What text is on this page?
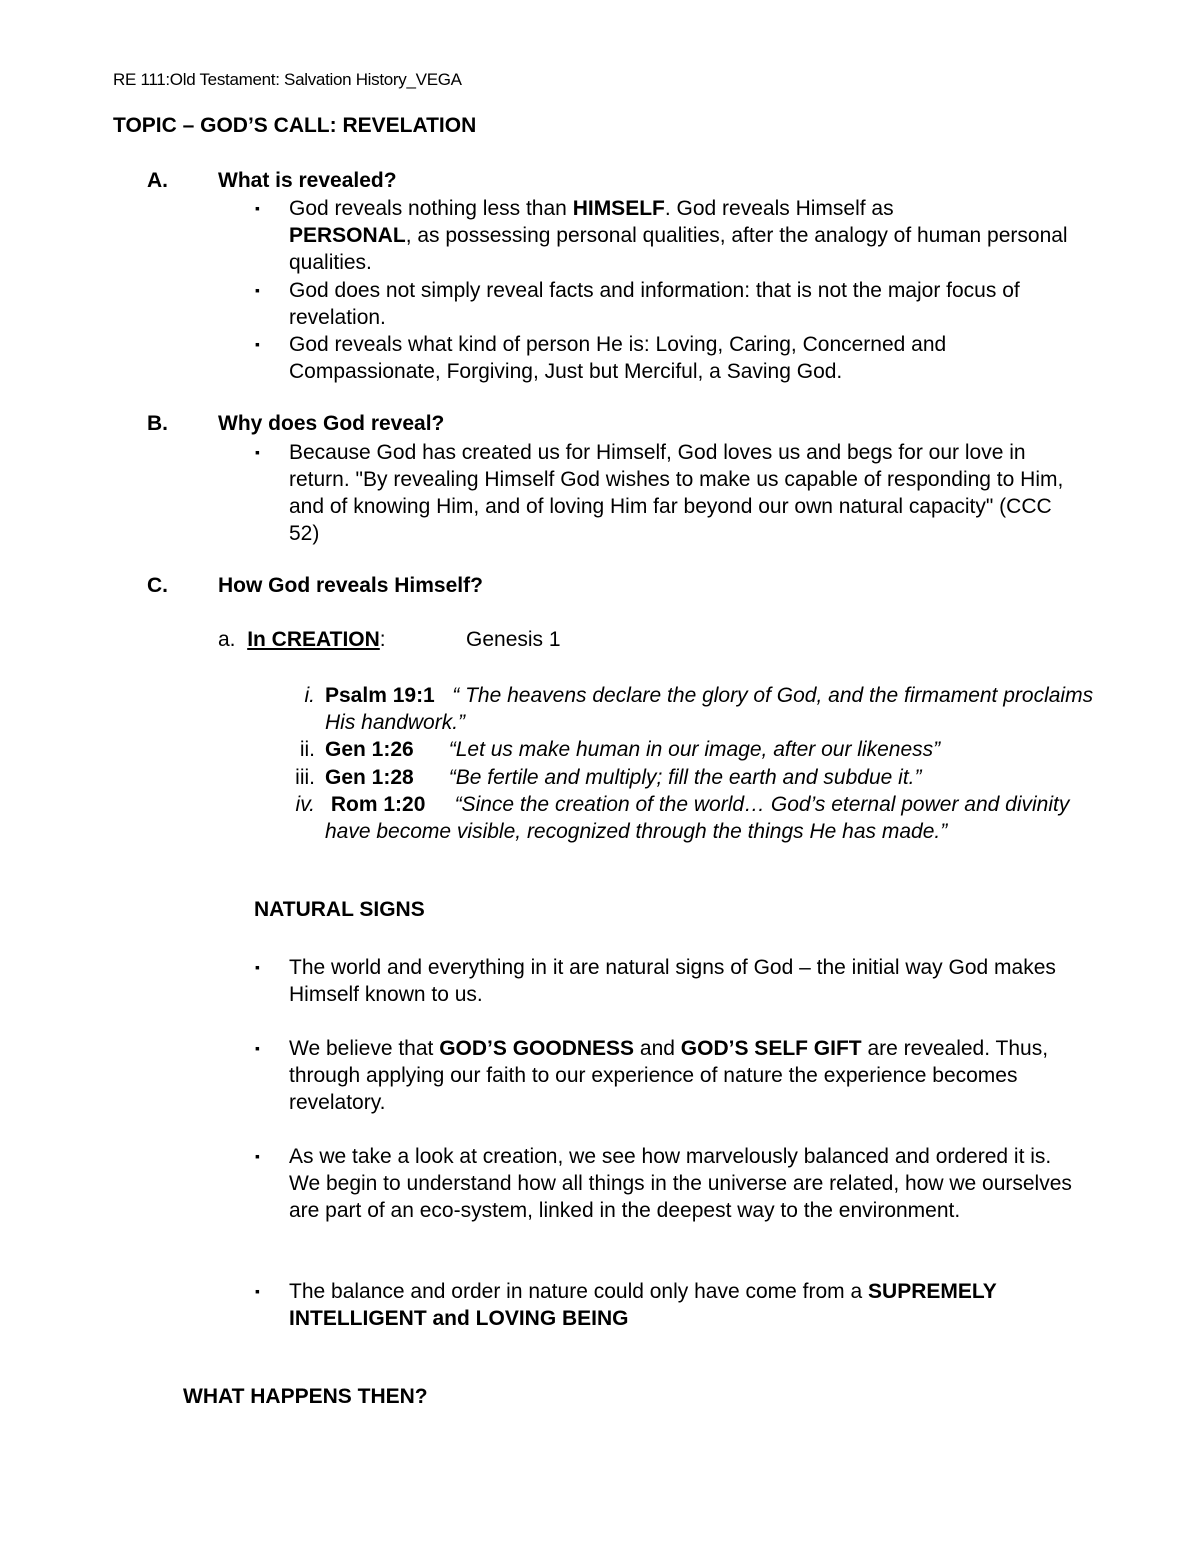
RE 111:Old Testament: Salvation History_VEGA
TOPIC – GOD’S CALL: REVELATION
A. What is revealed?
▪ God reveals nothing less than HIMSELF. God reveals Himself as
PERSONAL, as possessing personal qualities, after the analogy of human personal qualities.
▪ God does not simply reveal facts and information: that is not the major focus of revelation.
▪ God reveals what kind of person He is: Loving, Caring, Concerned and Compassionate, Forgiving, Just but Merciful, a Saving God.
B. Why does God reveal?
▪ Because God has created us for Himself, God loves us and begs for our love in return. "By revealing Himself God wishes to make us capable of responding to Him, and of knowing Him, and of loving Him far beyond our own natural capacity" (CCC 52)
C. How God reveals Himself?
a. In CREATION:	Genesis 1
i. Psalm 19:1 “ The heavens declare the glory of God, and the firmament proclaims His handwork.”
ii. Gen 1:26 “Let us make human in our image, after our likeness”
iii. Gen 1:28 “Be fertile and multiply; fill the earth and subdue it.”
iv. Rom 1:20 “Since the creation of the world… God’s eternal power and divinity have become visible, recognized through the things He has made.”
NATURAL SIGNS
▪ The world and everything in it are natural signs of God – the initial way God makes Himself known to us.
▪ We believe that GOD’S GOODNESS and GOD’S SELF GIFT are revealed. Thus, through applying our faith to our experience of nature the experience becomes revelatory.
▪ As we take a look at creation, we see how marvelously balanced and ordered it is. We begin to understand how all things in the universe are related, how we ourselves are part of an eco-system, linked in the deepest way to the environment.
▪ The balance and order in nature could only have come from a SUPREMELY INTELLIGENT and LOVING BEING
WHAT HAPPENS THEN?
